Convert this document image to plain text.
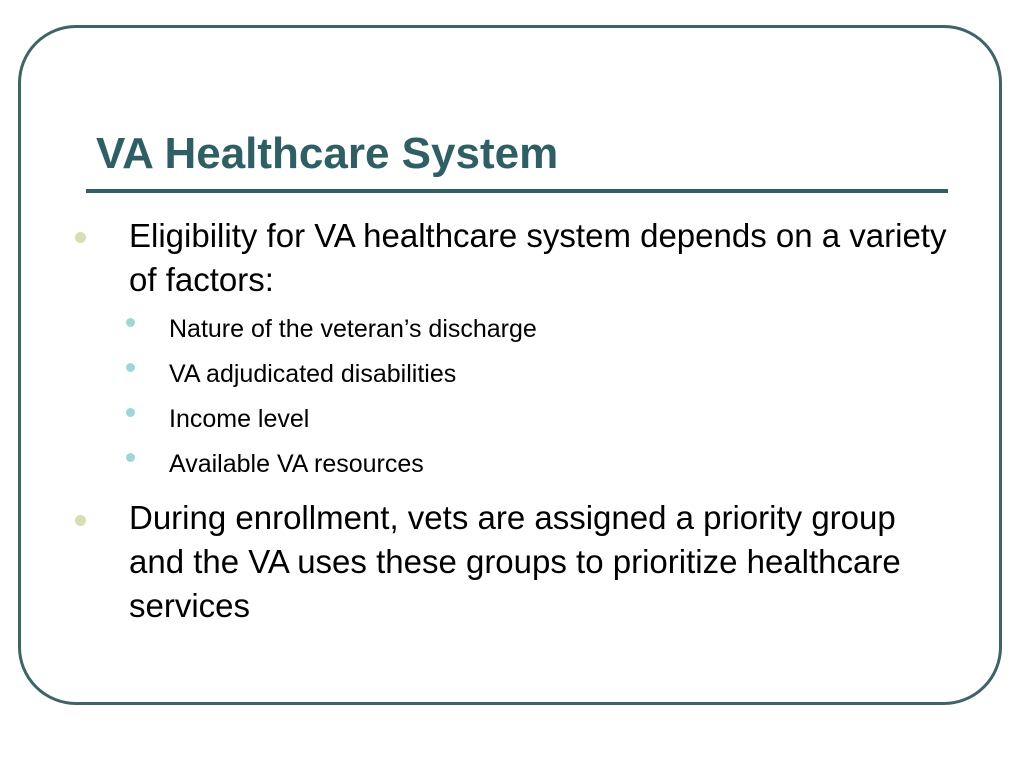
VA Healthcare System

Eligibility for VA healthcare system depends on a variety of factors:

Nature of the veteran’s discharge

VA adjudicated disabilities

Income level

Available VA resources

During enrollment, vets are assigned a priority group and the VA uses these groups to prioritize healthcare services
